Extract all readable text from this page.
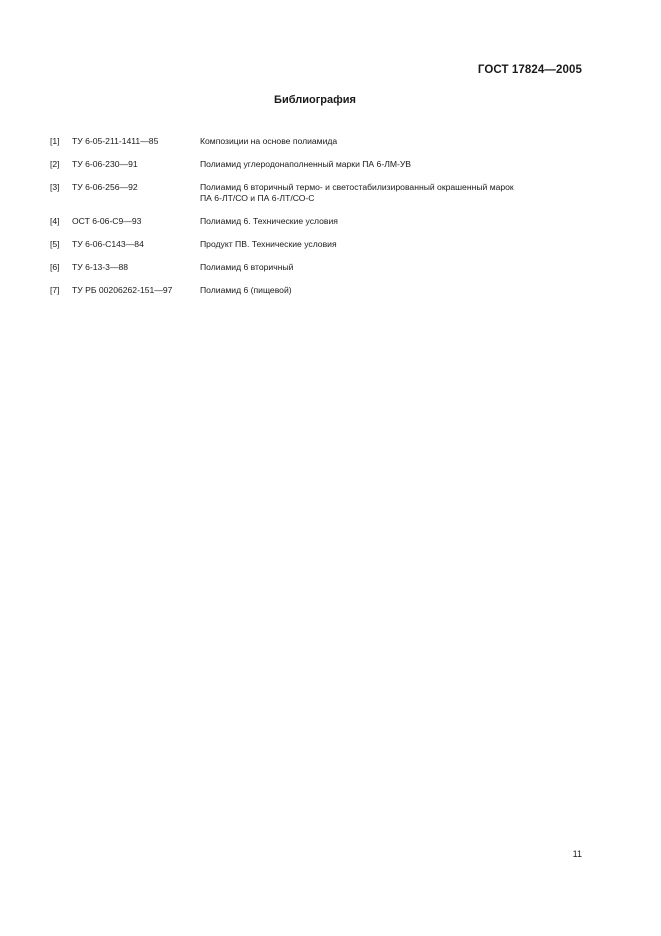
ГОСТ 17824—2005
Библиография
[1]	ТУ 6-05-211-1411—85	Композиции на основе полиамида
[2]	ТУ 6-06-230—91	Полиамид углеродонаполненный марки ПА 6-ЛМ-УВ
[3]	ТУ 6-06-256—92	Полиамид 6 вторичный термо- и светостабилизированный окрашенный марок
ПА 6-ЛТ/СО и ПА 6-ЛТ/СО-С
[4]	ОСТ 6-06-С9—93	Полиамид 6. Технические условия
[5]	ТУ 6-06-С143—84	Продукт ПВ. Технические условия
[6]	ТУ 6-13-3—88	Полиамид 6 вторичный
[7]	ТУ РБ 00206262-151—97	Полиамид 6 (пищевой)
11
